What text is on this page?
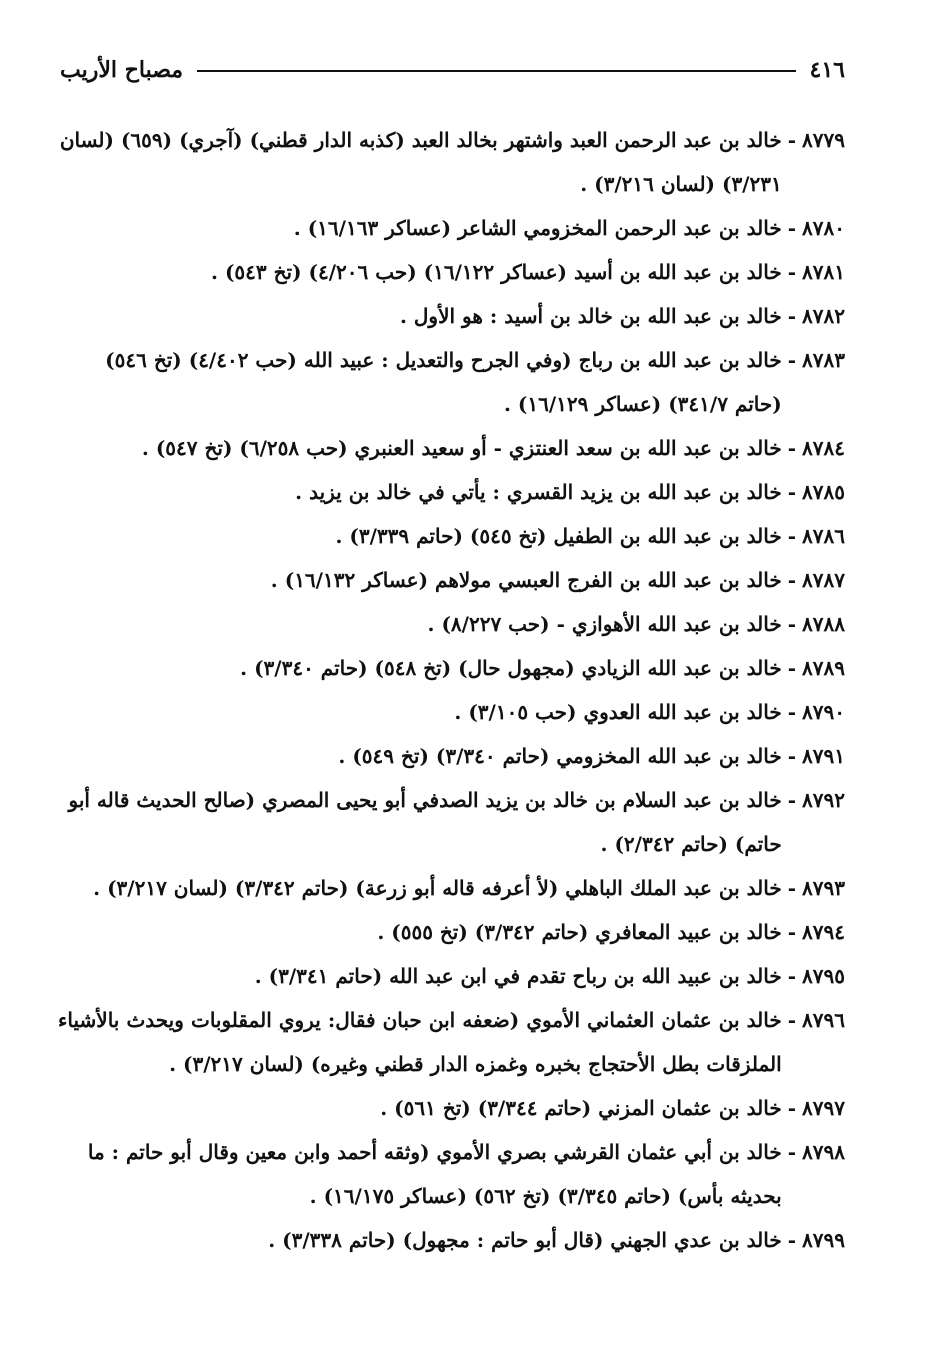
٤١٦
مصباح الأريب
٨٧٧٩
-
خالد بن عبد الرحمن العبد واشتهر بخالد العبد (كذبه الدار قطني) (آجري) (٦٥٩) (لسان ٣/٢٣١) (لسان ٣/٢١٦) .
٨٧٨٠
-
خالد بن عبد الرحمن المخزومي الشاعر (عساكر ١٦/١٦٣) .
٨٧٨١
-
خالد بن عبد الله بن أسيد (عساكر ١٦/١٢٢) (حب ٤/٢٠٦) (تخ ٥٤٣) .
٨٧٨٢
-
خالد بن عبد الله بن خالد بن أسيد : هو الأول .
٨٧٨٣
-
خالد بن عبد الله بن رباج (وفي الجرح والتعديل : عبيد الله (حب ٤/٤٠٢) (تخ ٥٤٦) (حاتم ٣٤١/٧) (عساكر ١٦/١٢٩) .
٨٧٨٤
-
خالد بن عبد الله بن سعد العنتزي - أو سعيد العنبري (حب ٦/٢٥٨) (تخ ٥٤٧) .
٨٧٨٥
-
خالد بن عبد الله بن يزيد القسري : يأتي في خالد بن يزيد .
٨٧٨٦
-
خالد بن عبد الله بن الطفيل (تخ ٥٤٥) (حاتم ٣/٣٣٩) .
٨٧٨٧
-
خالد بن عبد الله بن الفرج العبسي مولاهم (عساكر ١٦/١٣٢) .
٨٧٨٨
-
خالد بن عبد الله الأهوازي - (حب ٨/٢٢٧) .
٨٧٨٩
-
خالد بن عبد الله الزيادي (مجهول حال) (تخ ٥٤٨) (حاتم ٣/٣٤٠) .
٨٧٩٠
-
خالد بن عبد الله العدوي (حب ٣/١٠٥) .
٨٧٩١
-
خالد بن عبد الله المخزومي (حاتم ٣/٣٤٠) (تخ ٥٤٩) .
٨٧٩٢
-
خالد بن عبد السلام بن خالد بن يزيد الصدفي أبو يحيى المصري (صالح الحديث قاله أبو حاتم) (حاتم ٢/٣٤٢) .
٨٧٩٣
-
خالد بن عبد الملك الباهلي (لأ أعرفه قاله أبو زرعة) (حاتم ٣/٣٤٢) (لسان ٣/٢١٧) .
٨٧٩٤
-
خالد بن عبيد المعافري (حاتم ٣/٣٤٢) (تخ ٥٥٥) .
٨٧٩٥
-
خالد بن عبيد الله بن رباح تقدم في ابن عبد الله (حاتم ٣/٣٤١) .
٨٧٩٦
-
خالد بن عثمان العثماني الأموي (ضعفه ابن حبان فقال: يروي المقلوبات ويحدث بالأشياء الملزقات بطل الأحتجاج بخبره وغمزه الدار قطني وغيره) (لسان ٣/٢١٧) .
٨٧٩٧
-
خالد بن عثمان المزني (حاتم ٣/٣٤٤) (تخ ٥٦١) .
٨٧٩٨
-
خالد بن أبي عثمان القرشي بصري الأموي (وثقه أحمد وابن معين وقال أبو حاتم : ما بحديثه بأس) (حاتم ٣/٣٤٥) (تخ ٥٦٢) (عساكر ١٦/١٧٥) .
٨٧٩٩
-
خالد بن عدي الجهني (قال أبو حاتم : مجهول) (حاتم ٣/٣٣٨) .
